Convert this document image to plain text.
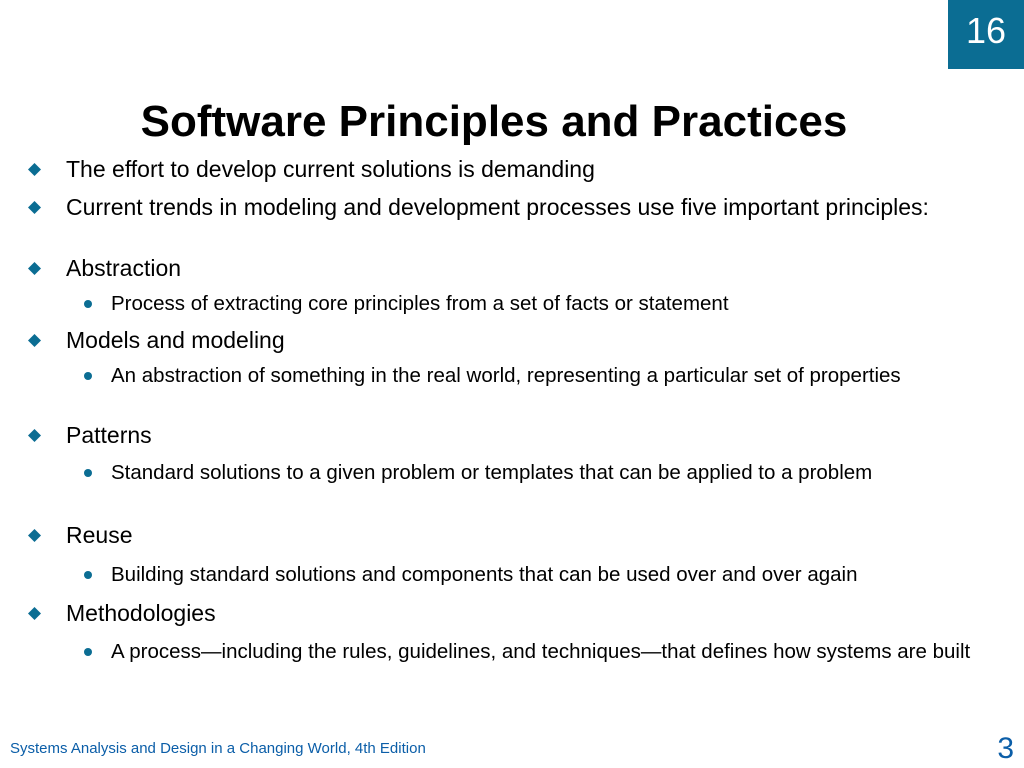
16
Software Principles and Practices
The effort to develop current solutions is demanding
Current trends in modeling and development processes use five important principles:
Abstraction
Process of extracting core principles from a set of facts or statement
Models and modeling
An abstraction of something in the real world, representing a particular set of properties
Patterns
Standard solutions to a given problem or templates that can be applied to a problem
Reuse
Building standard solutions and components that can be used over and over again
Methodologies
A process—including the rules, guidelines, and techniques—that defines how systems are built
Systems Analysis and Design in a Changing World, 4th Edition	3
